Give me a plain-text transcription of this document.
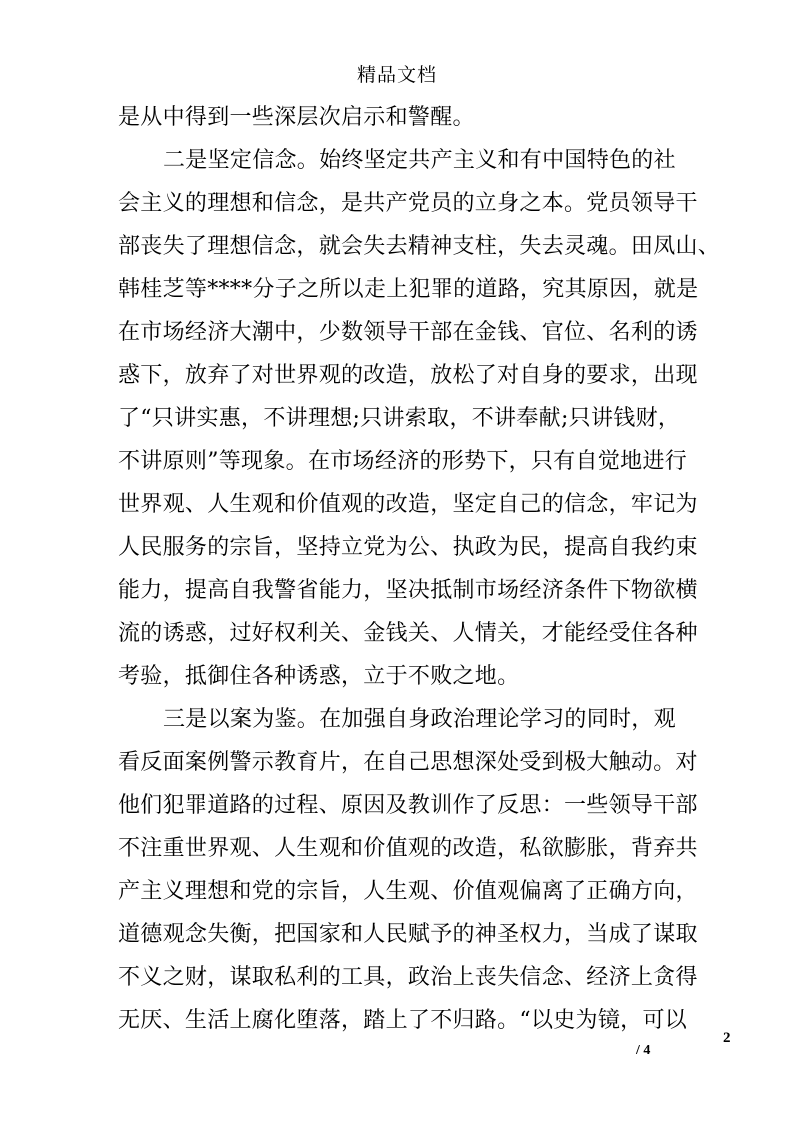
精品文档
是从中得到一些深层次启示和警醒。
二是坚定信念。始终坚定共产主义和有中国特色的社
会主义的理想和信念，是共产党员的立身之本。党员领导干
部丧失了理想信念，就会失去精神支柱，失去灵魂。田凤山、
韩桂芝等****分子之所以走上犯罪的道路，究其原因，就是
在市场经济大潮中，少数领导干部在金钱、官位、名利的诱
惑下，放弃了对世界观的改造，放松了对自身的要求，出现
了“只讲实惠，不讲理想;只讲索取，不讲奉献;只讲钱财，
不讲原则”等现象。在市场经济的形势下，只有自觉地进行
世界观、人生观和价值观的改造，坚定自己的信念，牢记为
人民服务的宗旨，坚持立党为公、执政为民，提高自我约束
能力，提高自我警省能力，坚决抵制市场经济条件下物欲横
流的诱惑，过好权利关、金钱关、人情关，才能经受住各种
考验，抵御住各种诱惑，立于不败之地。
三是以案为鉴。在加强自身政治理论学习的同时，观
看反面案例警示教育片，在自己思想深处受到极大触动。对
他们犯罪道路的过程、原因及教训作了反思：一些领导干部
不注重世界观、人生观和价值观的改造，私欲膨胀，背弃共
产主义理想和党的宗旨，人生观、价值观偏离了正确方向，
道德观念失衡，把国家和人民赋予的神圣权力，当成了谋取
不义之财，谋取私利的工具，政治上丧失信念、经济上贪得
无厌、生活上腐化堕落，踏上了不归路。“以史为镜，可以
2
/ 4
